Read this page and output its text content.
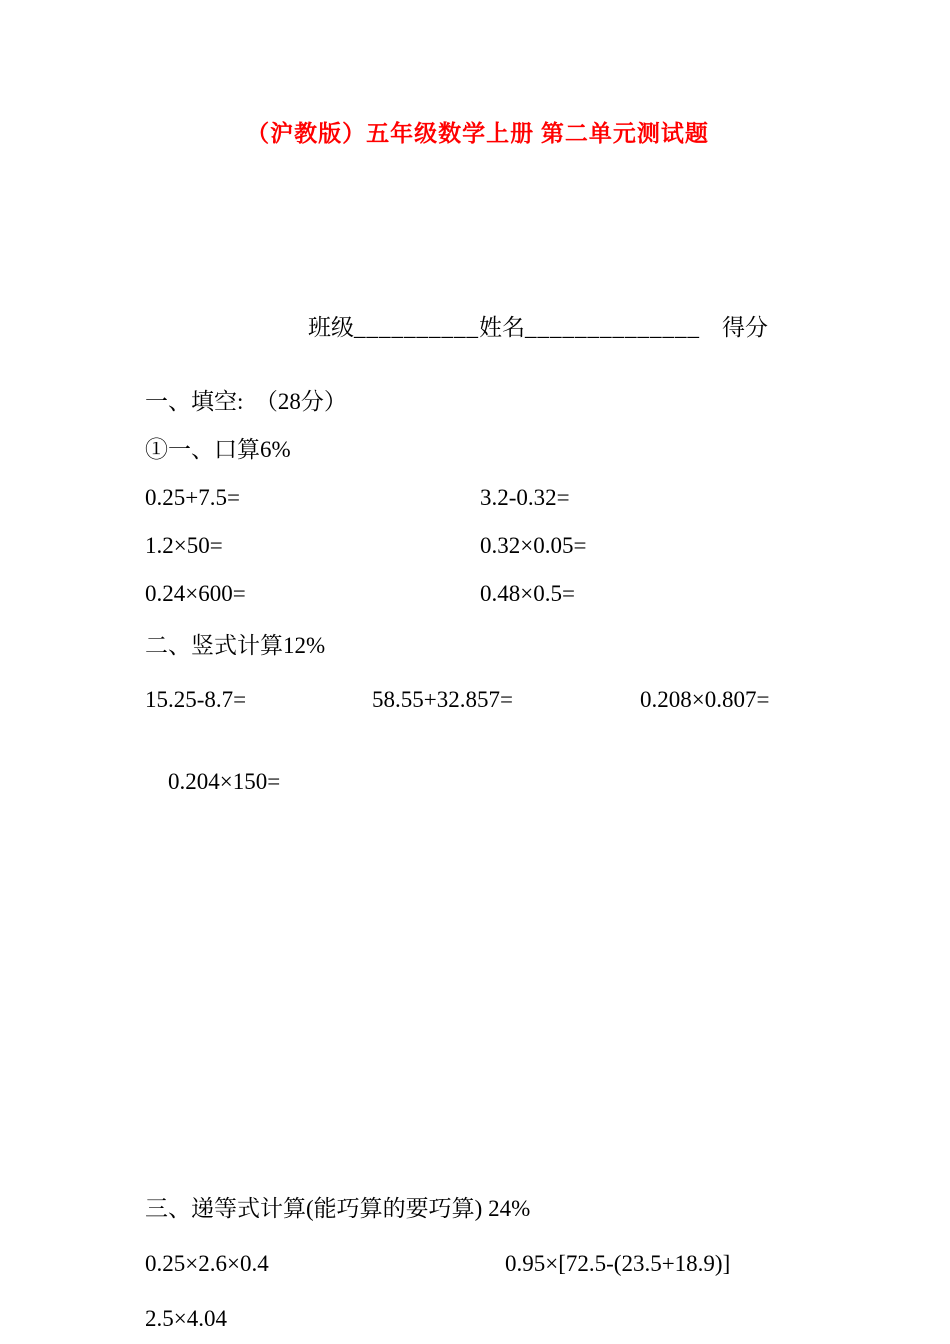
（沪教版）五年级数学上册 第二单元测试题

班级__________姓名______________ 得分

一、填空:  （28分）
①一、口算6%
0.25+7.5=	3.2-0.32=
1.2×50=	0.32×0.05=
0.24×600=	0.48×0.5=
二、竖式计算12%
15.25-8.7=	58.55+32.857=	0.208×0.807=

0.204×150=

三、递等式计算(能巧算的要巧算) 24%
0.25×2.6×0.4	0.95×[72.5-(23.5+18.9)]
2.5×4.04
